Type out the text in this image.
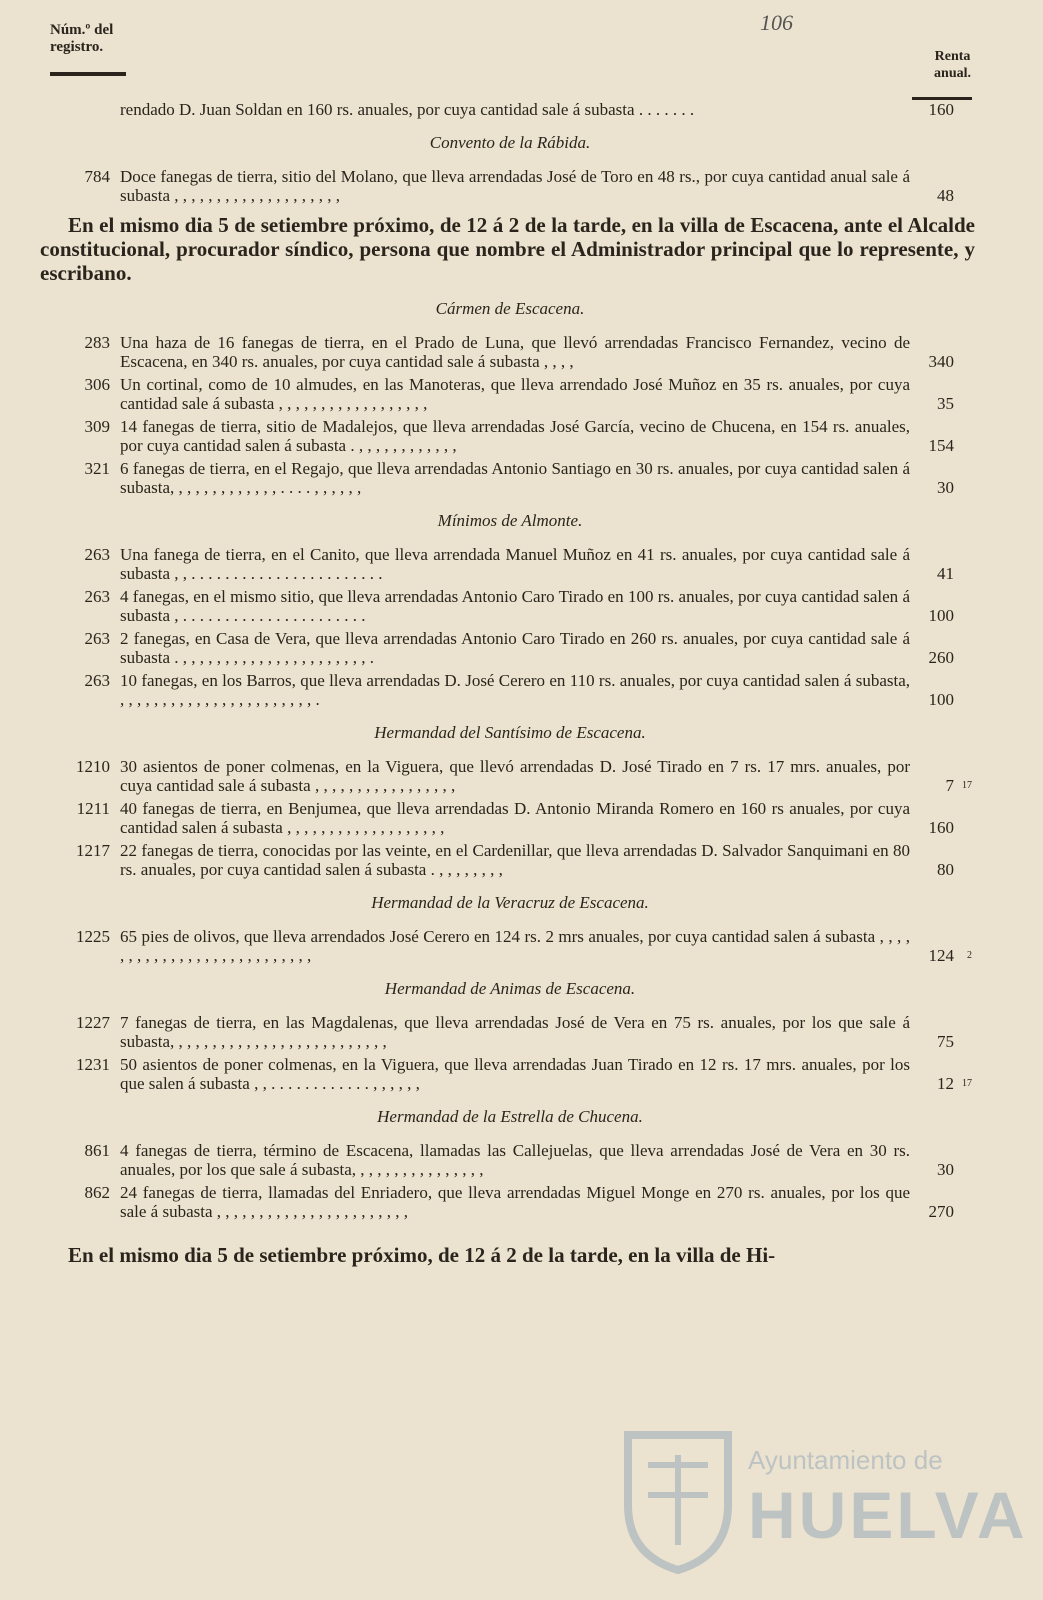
Núm.º del
registro.
106
Renta
anual.
rendado D. Juan Soldan en 160 rs. anuales, por cuya cantidad sale á subasta . . . . . . .	160
Convento de la Rábida.
784 Doce fanegas de tierra, sitio del Molano, que lleva arrendadas José de Toro en 48 rs., por cuya cantidad anual sale á subasta , , , , , , , , , , , , , , , , , , , ,	48
En el mismo dia 5 de setiembre próximo, de 12 á 2 de la tarde, en la villa de Escacena, ante el Alcalde constitucional, procurador síndico, persona que nombre el Administrador principal que lo represente, y escribano.
Cármen de Escacena.
283 Una haza de 16 fanegas de tierra, en el Prado de Luna, que llevó arrendadas Francisco Fernandez, vecino de Escacena, en 340 rs. anuales, por cuya cantidad sale á subasta , , , ,	340
306 Un cortinal, como de 10 almudes, en las Manoteras, que lleva arrendado José Muñoz en 35 rs. anuales, por cuya cantidad sale á subasta , , , , , , , , , , , , , , , , , ,	35
309 14 fanegas de tierra, sitio de Madalejos, que lleva arrendadas José García, vecino de Chucena, en 154 rs. anuales, por cuya cantidad salen á subasta . , , , , , , , , , , , ,	154
321 6 fanegas de tierra, en el Regajo, que lleva arrendadas Antonio Santiago en 30 rs. anuales, por cuya cantidad salen á subasta, , , , , , , , , , , , , . . . . , , , , , ,	30
Mínimos de Almonte.
263 Una fanega de tierra, en el Canito, que lleva arrendada Manuel Muñoz en 41 rs. anuales, por cuya cantidad sale á subasta , , . . . . . . . . . . . . . . . . . . . . . . .	41
263 4 fanegas, en el mismo sitio, que lleva arrendadas Antonio Caro Tirado en 100 rs. anuales, por cuya cantidad salen á subasta , . . . . . . . . . . . . . . . . . . . . . .	100
263 2 fanegas, en Casa de Vera, que lleva arrendadas Antonio Caro Tirado en 260 rs. anuales, por cuya cantidad sale á subasta . , , , , , , , , , , , , , , , , , , , , , , .	260
263 10 fanegas, en los Barros, que lleva arrendadas D. José Cerero en 110 rs. anuales, por cuya cantidad salen á subasta, , , , , , , , , , , , , , , , , , , , , , , , .	100
Hermandad del Santísimo de Escacena.
1210 30 asientos de poner colmenas, en la Viguera, que llevó arrendadas D. José Tirado en 7 rs. 17 mrs. anuales, por cuya cantidad sale á subasta , , , , , , , , , , , , , , , , ,	7 17
1211 40 fanegas de tierra, en Benjumea, que lleva arrendadas D. Antonio Miranda Romero en 160 rs anuales, por cuya cantidad salen á subasta , , , , , , , , , , , , , , , , , , ,	160
1217 22 fanegas de tierra, conocidas por las veinte, en el Cardenillar, que lleva arrendadas D. Salvador Sanquimani en 80 rs. anuales, por cuya cantidad salen á subasta . , , , , , , , ,	80
Hermandad de la Veracruz de Escacena.
1225 65 pies de olivos, que lleva arrendados José Cerero en 124 rs. 2 mrs anuales, por cuya cantidad salen á subasta , , , , , , , , , , , , , , , , , , , , , , , , , , ,	124 2
Hermandad de Animas de Escacena.
1227 7 fanegas de tierra, en las Magdalenas, que lleva arrendadas José de Vera en 75 rs. anuales, por los que sale á subasta, , , , , , , , , , , , , , , , , , , , , , , , , ,	75
1231 50 asientos de poner colmenas, en la Viguera, que lleva arrendadas Juan Tirado en 12 rs. 17 mrs. anuales, por los que salen á subasta , , . . . . . . . . . . . . , , , , , ,	12 17
Hermandad de la Estrella de Chucena.
861 4 fanegas de tierra, término de Escacena, llamadas las Callejuelas, que lleva arrendadas José de Vera en 30 rs. anuales, por los que sale á subasta, , , , , , , , , , , , , , , ,	30
862 24 fanegas de tierra, llamadas del Enriadero, que lleva arrendadas Miguel Monge en 270 rs. anuales, por los que sale á subasta , , , , , , , , , , , , , , , , , , , , , , ,	270
En el mismo dia 5 de setiembre próximo, de 12 á 2 de la tarde, en la villa de Hi-
Ayuntamiento de
HUELVA
